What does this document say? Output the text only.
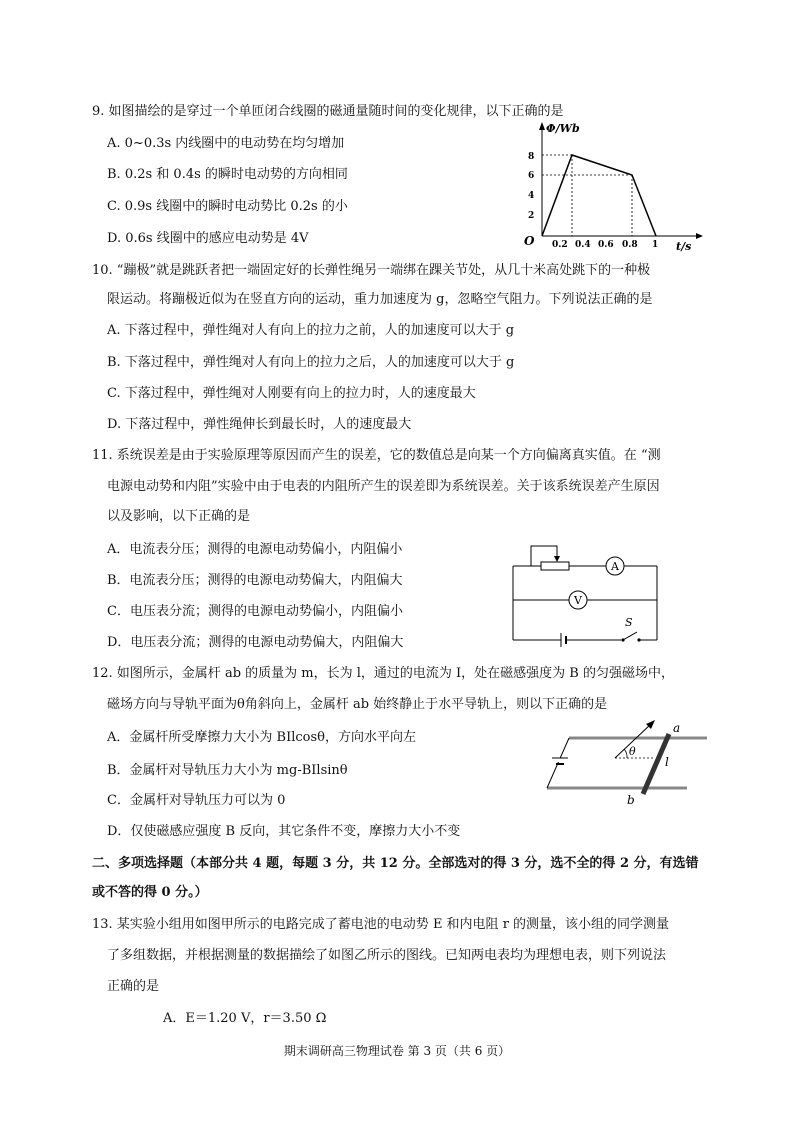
9. 如图描绘的是穿过一个单匝闭合线圈的磁通量随时间的变化规律，以下正确的是
A. 0~0.3s 内线圈中的电动势在均匀增加
B. 0.2s 和 0.4s 的瞬时电动势的方向相同
C. 0.9s 线圈中的瞬时电动势比 0.2s 的小
D. 0.6s 线圈中的感应电动势是 4V
Φ/Wb
t/s
O
8
6
4
2
0.2 0.4 0.6 0.8 1
10. “蹦极”就是跳跃者把一端固定好的长弹性绳另一端绑在踝关节处，从几十米高处跳下的一种极
限运动。将蹦极近似为在竖直方向的运动，重力加速度为 g，忽略空气阻力。下列说法正确的是
A. 下落过程中，弹性绳对人有向上的拉力之前，人的加速度可以大于 g
B. 下落过程中，弹性绳对人有向上的拉力之后，人的加速度可以大于 g
C. 下落过程中，弹性绳对人刚要有向上的拉力时，人的速度最大
D. 下落过程中，弹性绳伸长到最长时，人的速度最大
11. 系统误差是由于实验原理等原因而产生的误差，它的数值总是向某一个方向偏离真实值。在 “测
电源电动势和内阻”实验中由于电表的内阻所产生的误差即为系统误差。关于该系统误差产生原因
以及影响，以下正确的是
A．电流表分压；测得的电源电动势偏小，内阻偏小
B．电流表分压；测得的电源电动势偏大，内阻偏大
C．电压表分流；测得的电源电动势偏小，内阻偏小
D．电压表分流；测得的电源电动势偏大，内阻偏大
A
V
S
12. 如图所示，金属杆 ab 的质量为 m，长为 l，通过的电流为 I，处在磁感强度为 B 的匀强磁场中，
磁场方向与导轨平面为θ角斜向上，金属杆 ab 始终静止于水平导轨上，则以下正确的是
A．金属杆所受摩擦力大小为 BIlcosθ，方向水平向左
B．金属杆对导轨压力大小为 mg-BIlsinθ
C．金属杆对导轨压力可以为 0
D．仅使磁感应强度 B 反向，其它条件不变，摩擦力大小不变
θ
a
l
b
二、多项选择题（本部分共 4 题，每题 3 分，共 12 分。全部选对的得 3 分，选不全的得 2 分，有选错
或不答的得 0 分。）
13. 某实验小组用如图甲所示的电路完成了蓄电池的电动势 E 和内电阻 r 的测量，该小组的同学测量
了多组数据，并根据测量的数据描绘了如图乙所示的图线。已知两电表均为理想电表，则下列说法
正确的是
A．E＝1.20 V，r＝3.50 Ω
期末调研高三物理试卷 第 3 页（共 6 页）
